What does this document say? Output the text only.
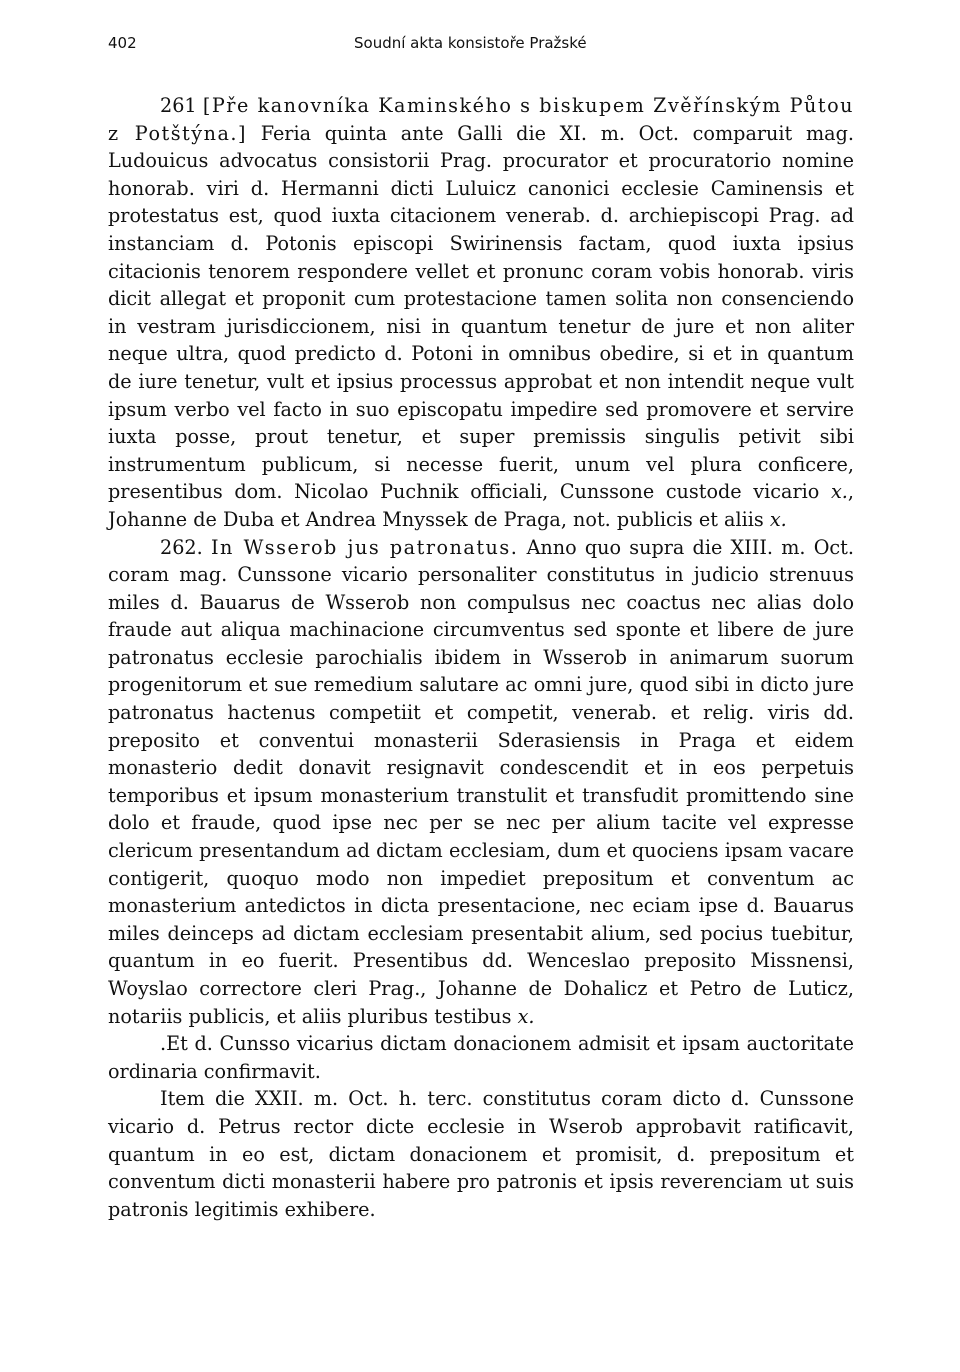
402	Soudní akta konsistoře Pražské

261 [Pře kanovníka Kaminského s biskupem Zvěřínským Půtou z Potštýna.] Feria quinta ante Galli die XI. m. Oct. comparuit mag. Ludouicus advocatus consistorii Prag. procurator et procuratorio nomine honorab. viri d. Hermanni dicti Luluicz canonici ecclesie Caminensis et protestatus est, quod iuxta citacionem venerab. d. archiepiscopi Prag. ad instanciam d. Potonis episcopi Swirinensis factam, quod iuxta ipsius citacionis tenorem respondere vellet et pronunc coram vobis honorab. viris dicit allegat et proponit cum protestacione tamen solita non consenciendo in vestram jurisdiccionem, nisi in quantum tenetur de jure et non aliter neque ultra, quod predicto d. Potoni in omnibus obedire, si et in quantum de iure tenetur, vult et ipsius processus approbat et non intendit neque vult ipsum verbo vel facto in suo episcopatu impedire sed promovere et servire iuxta posse, prout tenetur, et super premissis singulis petivit sibi instrumentum publicum, si necesse fuerit, unum vel plura conficere, presentibus dom. Nicolao Puchnik officiali, Cunssone custode vicario x., Johanne de Duba et Andrea Mnyssek de Praga, not. publicis et aliis x.

262. In Wsserob jus patronatus. Anno quo supra die XIII. m. Oct. coram mag. Cunssone vicario personaliter constitutus in judicio strenuus miles d. Bauarus de Wsserob non compulsus nec coactus nec alias dolo fraude aut aliqua machinacione circumventus sed sponte et libere de jure patronatus ecclesie parochialis ibidem in Wsserob in animarum suorum progenitorum et sue remedium salutare ac omni jure, quod sibi in dicto jure patronatus hactenus competiit et competit, venerab. et relig. viris dd. preposito et conventui monasterii Sderasiensis in Praga et eidem monasterio dedit donavit resignavit condescendit et in eos perpetuis temporibus et ipsum monasterium transtulit et transfudit promittendo sine dolo et fraude, quod ipse nec per se nec per alium tacite vel expresse clericum presentandum ad dictam ecclesiam, dum et quociens ipsam vacare contigerit, quoquo modo non impediet prepositum et conventum ac monasterium antedictos in dicta presentacione, nec eciam ipse d. Bauarus miles deinceps ad dictam ecclesiam presentabit alium, sed pocius tuebitur, quantum in eo fuerit. Presentibus dd. Wenceslao preposito Missnensi, Woyslao correctore cleri Prag., Johanne de Dohalicz et Petro de Luticz, notariis publicis, et aliis pluribus testibus x.

.Et d. Cunsso vicarius dictam donacionem admisit et ipsam auctoritate ordinaria confirmavit.

Item die XXII. m. Oct. h. terc. constitutus coram dicto d. Cunssone vicario d. Petrus rector dicte ecclesie in Wserob approbavit ratificavit, quantum in eo est, dictam donacionem et promisit, d. prepositum et conventum dicti monasterii habere pro patronis et ipsis reverenciam ut suis patronis legitimis exhibere.
